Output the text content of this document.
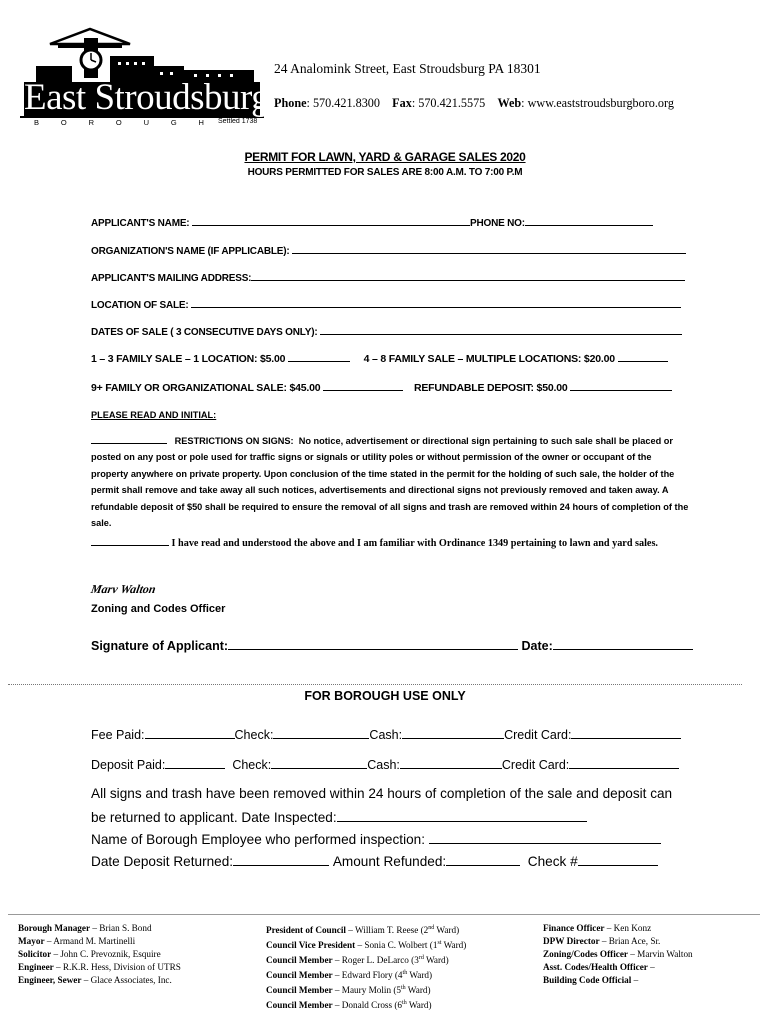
East Stroudsburg
B	O	R	O	U	G	H Settled 1738
24 Analomink Street, East Stroudsburg PA 18301
Phone: 570.421.8300 Fax: 570.421.5575 Web: www.eaststroudsburgboro.org
PERMIT FOR LAWN, YARD & GARAGE SALES 2020
HOURS PERMITTED FOR SALES ARE 8:00 A.M. TO 7:00 P.M
APPLICANT'S NAME:	PHONE NO:
ORGANIZATION'S NAME (IF APPLICABLE):
APPLICANT'S MAILING ADDRESS:
LOCATION OF SALE:
DATES OF SALE ( 3 CONSECUTIVE DAYS ONLY):
1 – 3 FAMILY SALE – 1 LOCATION: $5.00	4 – 8 FAMILY SALE – MULTIPLE LOCATIONS: $20.00
9+ FAMILY OR ORGANIZATIONAL SALE: $45.00	REFUNDABLE DEPOSIT: $50.00
PLEASE READ AND INITIAL:
RESTRICTIONS ON SIGNS: No notice, advertisement or directional sign pertaining to such sale shall be placed or posted on any post or pole used for traffic signs or signals or utility poles or without permission of the owner or occupant of the property anywhere on private property. Upon conclusion of the time stated in the permit for the holding of such sale, the holder of the permit shall remove and take away all such notices, advertisements and directional signs not previously removed and taken away. A refundable deposit of $50 shall be required to ensure the removal of all signs and trash are removed within 24 hours of completion of the sale.
I have read and understood the above and I am familiar with Ordinance 1349 pertaining to lawn and yard sales.
Marv Walton
Zoning and Codes Officer
Signature of Applicant:	Date:
FOR BOROUGH USE ONLY
Fee Paid:	Check:	Cash:	Credit Card:
Deposit Paid:	Check:	Cash:	Credit Card:
All signs and trash have been removed within 24 hours of completion of the sale and deposit can
be returned to applicant. Date Inspected:
Name of Borough Employee who performed inspection:
Date Deposit Returned:	Amount Refunded:	Check #
Borough Manager – Brian S. Bond
Mayor – Armand M. Martinelli
Solicitor – John C. Prevoznik, Esquire
Engineer – R.K.R. Hess, Division of UTRS
Engineer, Sewer – Glace Associates, Inc.
President of Council – William T. Reese (2nd Ward)
Council Vice President – Sonia C. Wolbert (1st Ward)
Council Member – Roger L. DeLarco (3rd Ward)
Council Member – Edward Flory (4th Ward)
Council Member – Maury Molin (5th Ward)
Council Member – Donald Cross (6th Ward)
Finance Officer – Ken Konz
DPW Director – Brian Ace, Sr.
Zoning/Codes Officer – Marvin Walton
Asst. Codes/Health Officer –
Building Code Official –
